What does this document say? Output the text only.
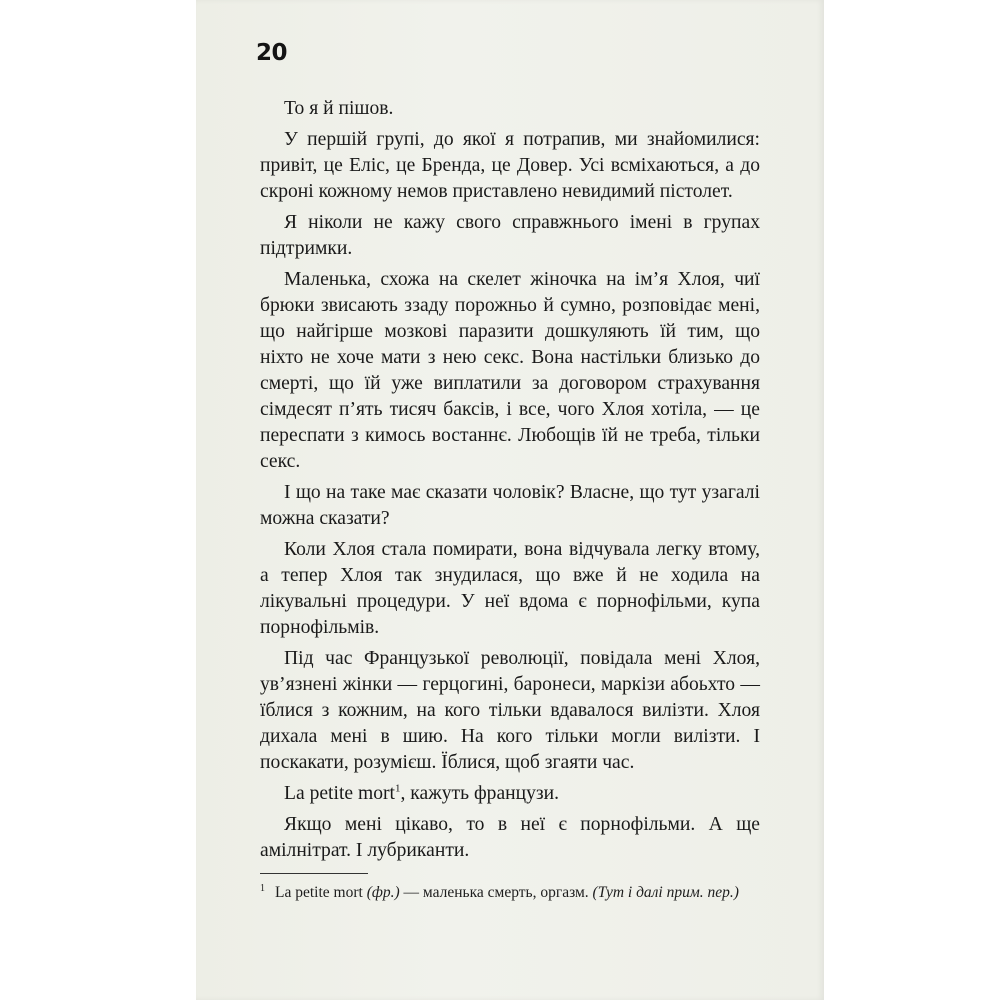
20

То я й пішов.

У першій групі, до якої я потрапив, ми знайомилися: привіт, це Еліс, це Бренда, це Довер. Усі всміхаються, а до скроні кожному немов приставлено невидимий пістолет.

Я ніколи не кажу свого справжнього імені в групах підтримки.

Маленька, схожа на скелет жіночка на ім’я Хлоя, чиї брюки звисають ззаду порожньо й сумно, розповідає мені, що найгірше мозкові паразити дошкуляють їй тим, що ніхто не хоче мати з нею секс. Вона настільки близько до смерті, що їй уже виплатили за договором страхування сімдесят п’ять тисяч баксів, і все, чого Хлоя хотіла, — це переспати з кимось востаннє. Любощів їй не треба, тільки секс.

І що на таке має сказати чоловік? Власне, що тут узагалі можна сказати?

Коли Хлоя стала помирати, вона відчувала легку втому, а тепер Хлоя так знудилася, що вже й не ходила на лікувальні процедури. У неї вдома є порнофільми, купа порнофільмів.

Під час Французької революції, повідала мені Хлоя, ув’язнені жінки — герцогині, баронеси, маркізи абоьхто — їблися з кожним, на кого тільки вдавалося вилізти. Хлоя дихала мені в шию. На кого тільки могли вилізти. І поскакати, розумієш. Їблися, щоб згаяти час.

La petite mort$^1$, кажуть французи.

Якщо мені цікаво, то в неї є порнофільми. А ще амілнітрат. І лубриканти.

$^1$ La petite mort (фр.) — маленька смерть, оргазм. (Тут і далі прим. пер.)
